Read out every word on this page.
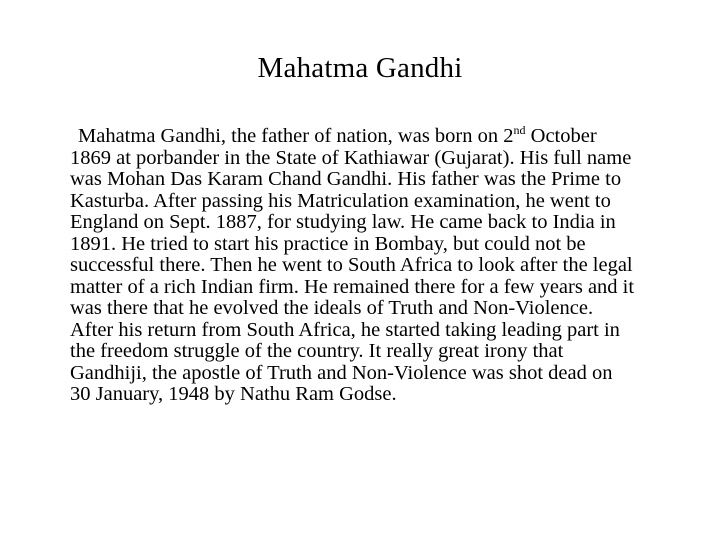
Mahatma Gandhi
Mahatma Gandhi, the father of nation, was born on 2nd October
1869 at porbander in the State of Kathiawar (Gujarat). His full name
was Mohan Das Karam Chand Gandhi. His father was the Prime to
Kasturba. After passing his Matriculation examination, he went to
England on Sept. 1887, for studying law. He came back to India in
1891. He tried to start his practice in Bombay, but could not be
successful there. Then he went to South Africa to look after the legal
matter of a rich Indian firm. He remained there for a few years and it
was there that he evolved the ideals of Truth and Non-Violence.
After his return from South Africa, he started taking leading part in
the freedom struggle of the country. It really great irony that
Gandhiji, the apostle of Truth and Non-Violence was shot dead on
30 January, 1948 by Nathu Ram Godse.
